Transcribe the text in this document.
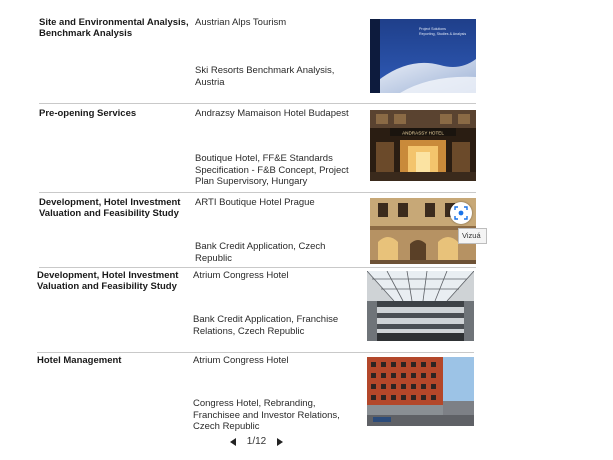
Site and Environmental Analysis, Benchmark Analysis
Austrian Alps Tourism
Ski Resorts Benchmark Analysis, Austria
Project Solutions
Reporting, Studies & Analysis
Pre-opening Services	Andrazsy Mamaison Hotel Budapest
Boutique Hotel, FF&E Standards Specification - F&B Concept, Project Plan Supervisory, Hungary
ANDRASSY HOTEL
Development, Hotel Investment Valuation and Feasibility Study
ARTI Boutique Hotel Prague
Bank Credit Application, Czech Republic
Vizuá
Development, Hotel Investment Valuation and Feasibility Study
Atrium Congress Hotel
Bank Credit Application, Franchise Relations, Czech Republic
Hotel Management	Atrium Congress Hotel
Congress Hotel, Rebranding, Franchisee and Investor Relations, Czech Republic
1/12
